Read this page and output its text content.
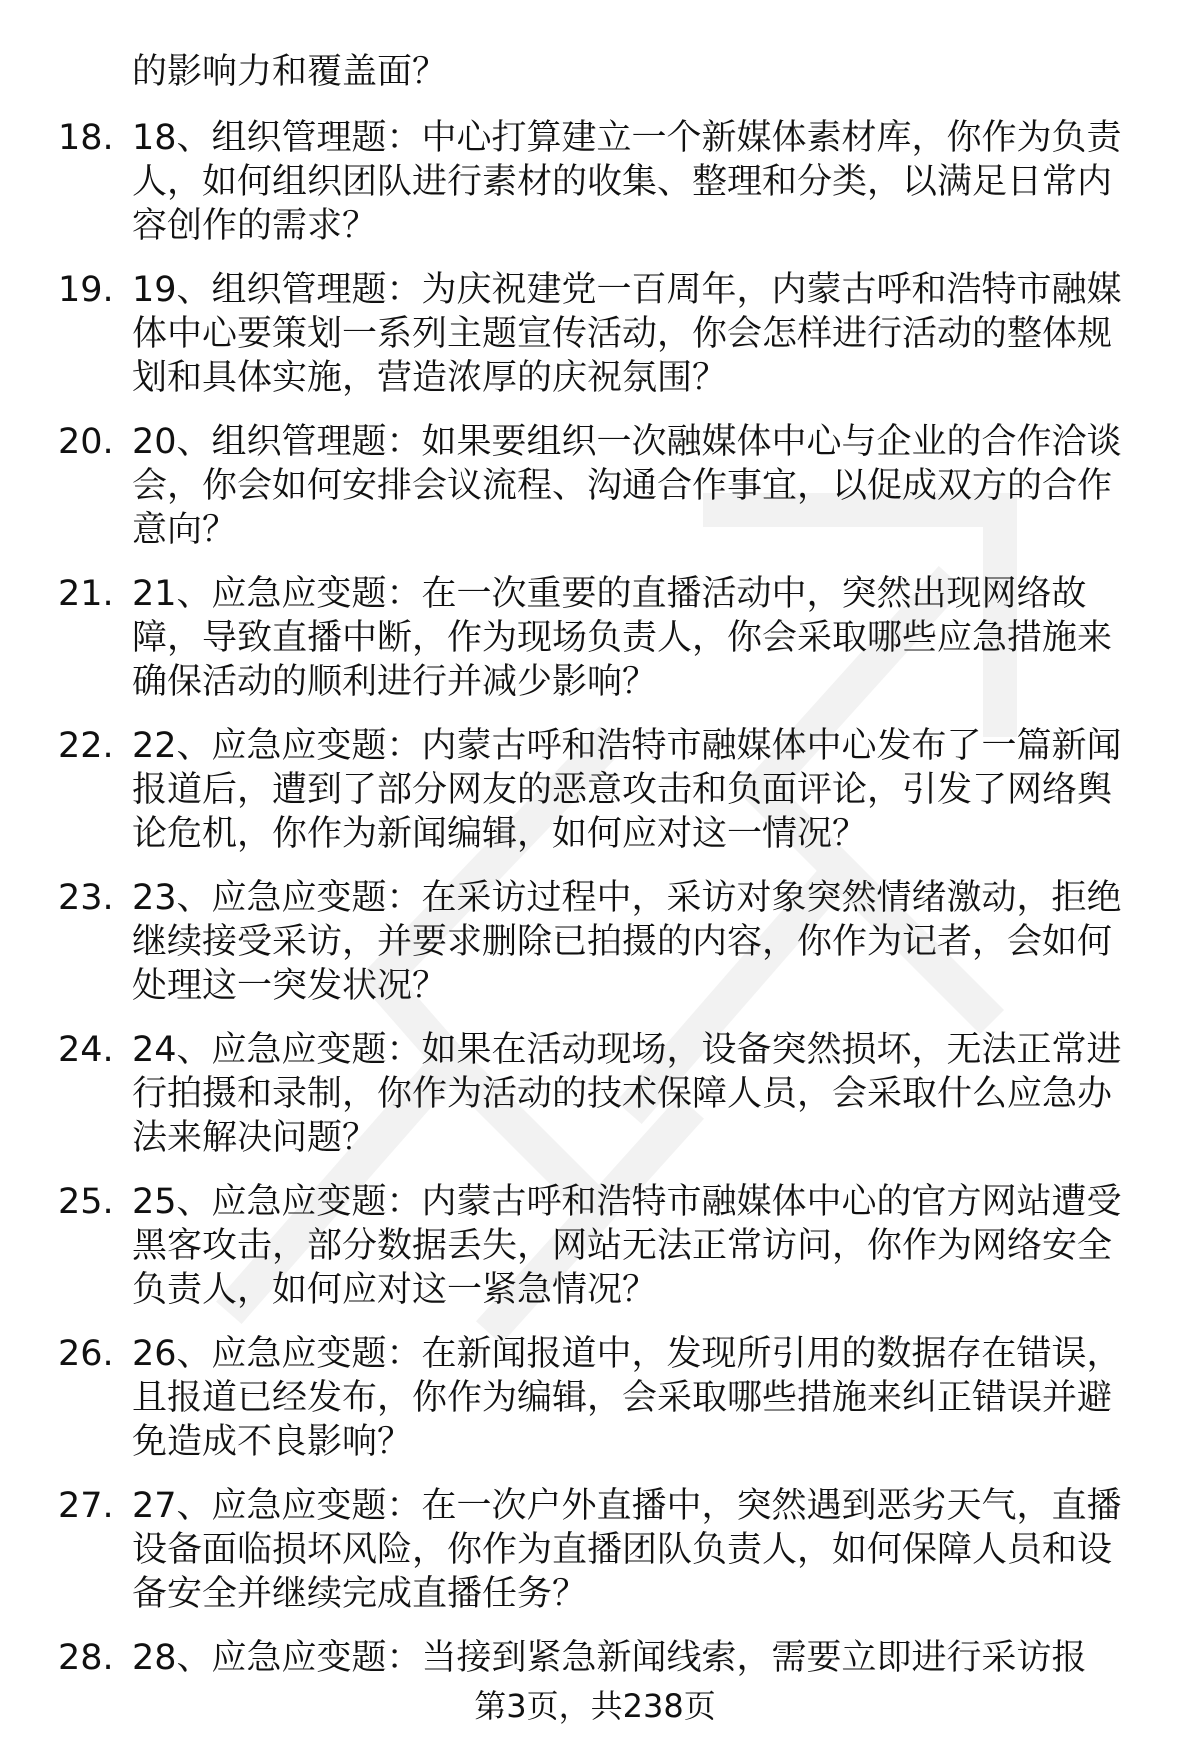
的影响力和覆盖面？
18. 18、组织管理题：中心打算建立一个新媒体素材库，你作为负责人，如何组织团队进行素材的收集、整理和分类，以满足日常内容创作的需求？
19. 19、组织管理题：为庆祝建党一百周年，内蒙古呼和浩特市融媒体中心要策划一系列主题宣传活动，你会怎样进行活动的整体规划和具体实施，营造浓厚的庆祝氛围？
20. 20、组织管理题：如果要组织一次融媒体中心与企业的合作洽谈会，你会如何安排会议流程、沟通合作事宜，以促成双方的合作意向？
21. 21、应急应变题：在一次重要的直播活动中，突然出现网络故障，导致直播中断，作为现场负责人，你会采取哪些应急措施来确保活动的顺利进行并减少影响？
22. 22、应急应变题：内蒙古呼和浩特市融媒体中心发布了一篇新闻报道后，遭到了部分网友的恶意攻击和负面评论，引发了网络舆论危机，你作为新闻编辑，如何应对这一情况？
23. 23、应急应变题：在采访过程中，采访对象突然情绪激动，拒绝继续接受采访，并要求删除已拍摄的内容，你作为记者，会如何处理这一突发状况？
24. 24、应急应变题：如果在活动现场，设备突然损坏，无法正常进行拍摄和录制，你作为活动的技术保障人员，会采取什么应急办法来解决问题？
25. 25、应急应变题：内蒙古呼和浩特市融媒体中心的官方网站遭受黑客攻击，部分数据丢失，网站无法正常访问，你作为网络安全负责人，如何应对这一紧急情况？
26. 26、应急应变题：在新闻报道中，发现所引用的数据存在错误，且报道已经发布，你作为编辑，会采取哪些措施来纠正错误并避免造成不良影响？
27. 27、应急应变题：在一次户外直播中，突然遇到恶劣天气，直播设备面临损坏风险，你作为直播团队负责人，如何保障人员和设备安全并继续完成直播任务？
28. 28、应急应变题：当接到紧急新闻线索，需要立即进行采访报
第3页，共238页
